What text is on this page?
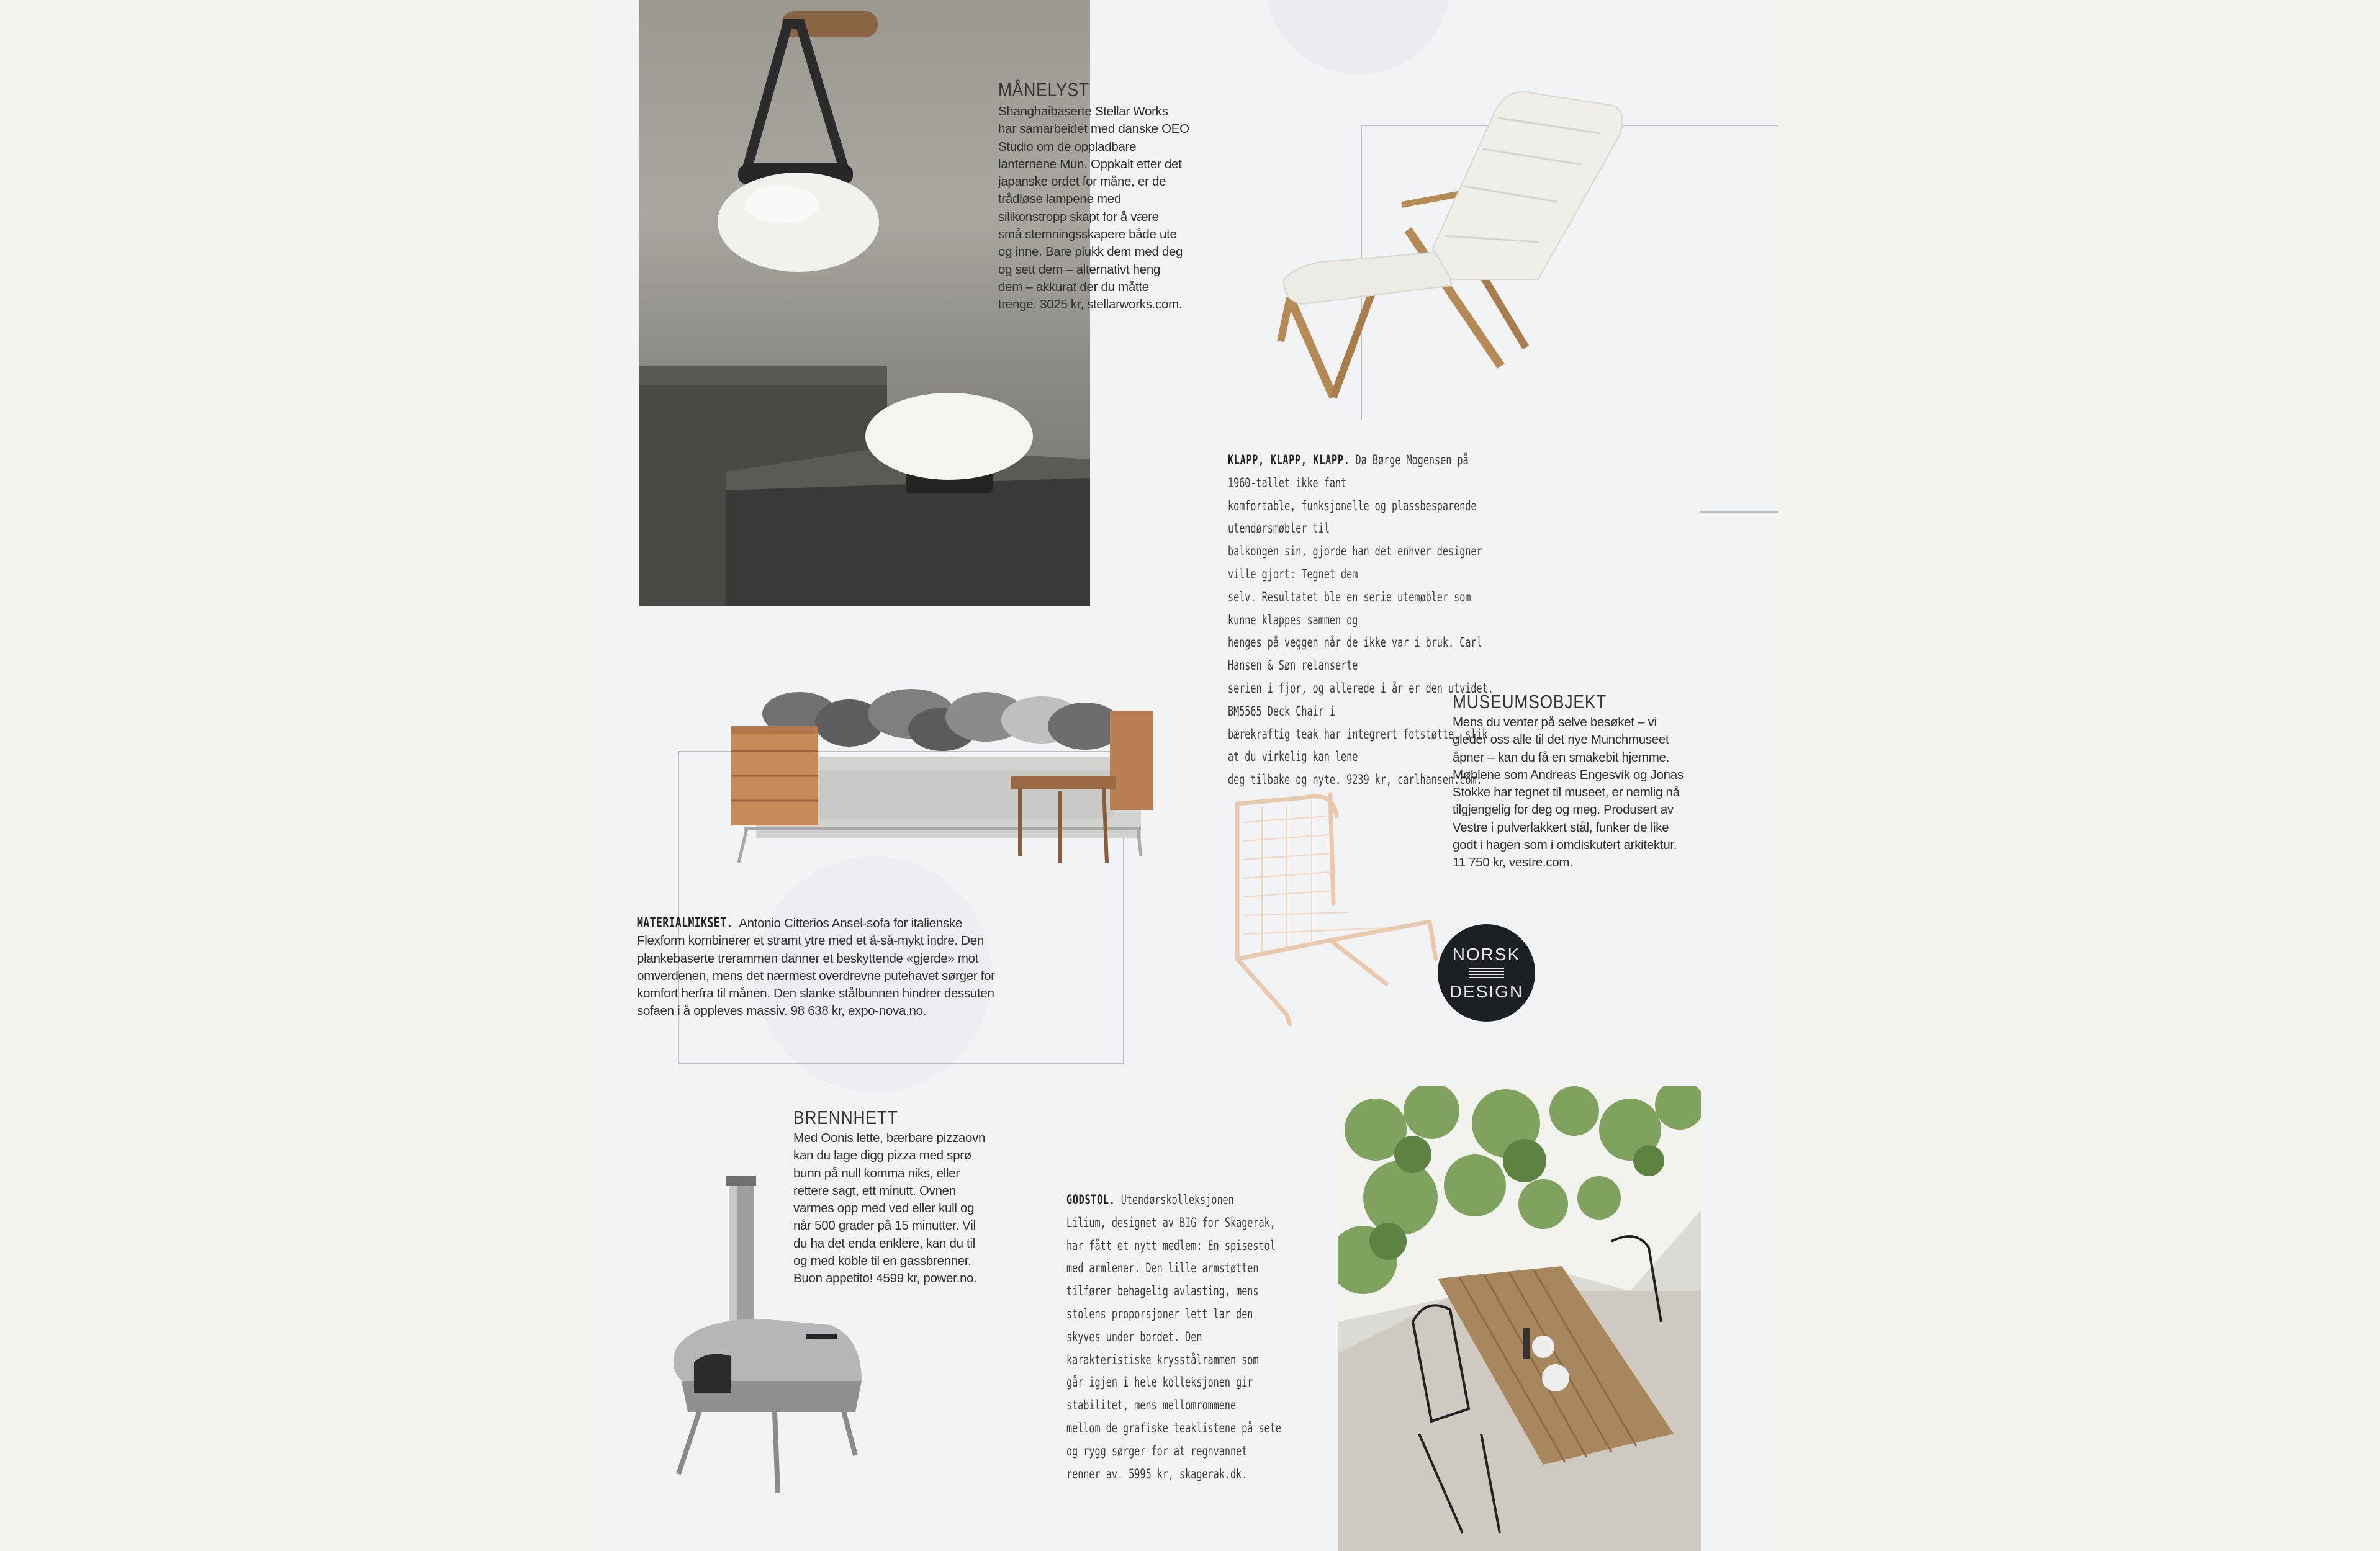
MÅNELYST
Shanghaibaserte Stellar Works
har samarbeidet med danske OEO
Studio om de oppladbare
lanternene Mun. Oppkalt etter det
japanske ordet for måne, er de
trådløse lampene med
silikonstropp skapt for å være
små stemningsskapere både ute
og inne. Bare plukk dem med deg
og sett dem – alternativt heng
dem – akkurat der du måtte
trenge. 3025 kr, stellarworks.com.
KLAPP, KLAPP, KLAPP. Da Børge Mogensen på 1960-tallet ikke fant
komfortable, funksjonelle og plassbesparende utendørsmøbler til
balkongen sin, gjorde han det enhver designer ville gjort: Tegnet dem
selv. Resultatet ble en serie utemøbler som kunne klappes sammen og
henges på veggen når de ikke var i bruk. Carl Hansen & Søn relanserte
serien i fjor, og allerede i år er den utvidet. BM5565 Deck Chair i
bærekraftig teak har integrert fotstøtte, slik at du virkelig kan lene
deg tilbake og nyte. 9239 kr, carlhansen.com.
MUSEUMSOBJEKT
Mens du venter på selve besøket – vi
gleder oss alle til det nye Munchmuseet
åpner – kan du få en smakebit hjemme.
Møblene som Andreas Engesvik og Jonas
Stokke har tegnet til museet, er nemlig nå
tilgjengelig for deg og meg. Produsert av
Vestre i pulverlakkert stål, funker de like
godt i hagen som i omdiskutert arkitektur.
11 750 kr, vestre.com.
NORSK
DESIGN
MATERIALMIKSET. Antonio Citterios Ansel-sofa for italienske
Flexform kombinerer et stramt ytre med et å-så-mykt indre. Den
plankebaserte trerammen danner et beskyttende «gjerde» mot
omverdenen, mens det nærmest overdrevne putehavet sørger for
komfort herfra til månen. Den slanke stålbunnen hindrer dessuten
sofaen i å oppleves massiv. 98 638 kr, expo-nova.no.
BRENNHETT
Med Oonis lette, bærbare pizzaovn
kan du lage digg pizza med sprø
bunn på null komma niks, eller
rettere sagt, ett minutt. Ovnen
varmes opp med ved eller kull og
når 500 grader på 15 minutter. Vil
du ha det enda enklere, kan du til
og med koble til en gassbrenner.
Buon appetito! 4599 kr, power.no.
GODSTOL. Utendørskolleksjonen
Lilium, designet av BIG for Skagerak,
har fått et nytt medlem: En spisestol
med armlener. Den lille armstøtten
tilfører behagelig avlasting, mens
stolens proporsjoner lett lar den
skyves under bordet. Den
karakteristiske krysstålrammen som
går igjen i hele kolleksjonen gir
stabilitet, mens mellomrommene
mellom de grafiske teaklistene på sete
og rygg sørger for at regnvannet
renner av. 5995 kr, skagerak.dk.
